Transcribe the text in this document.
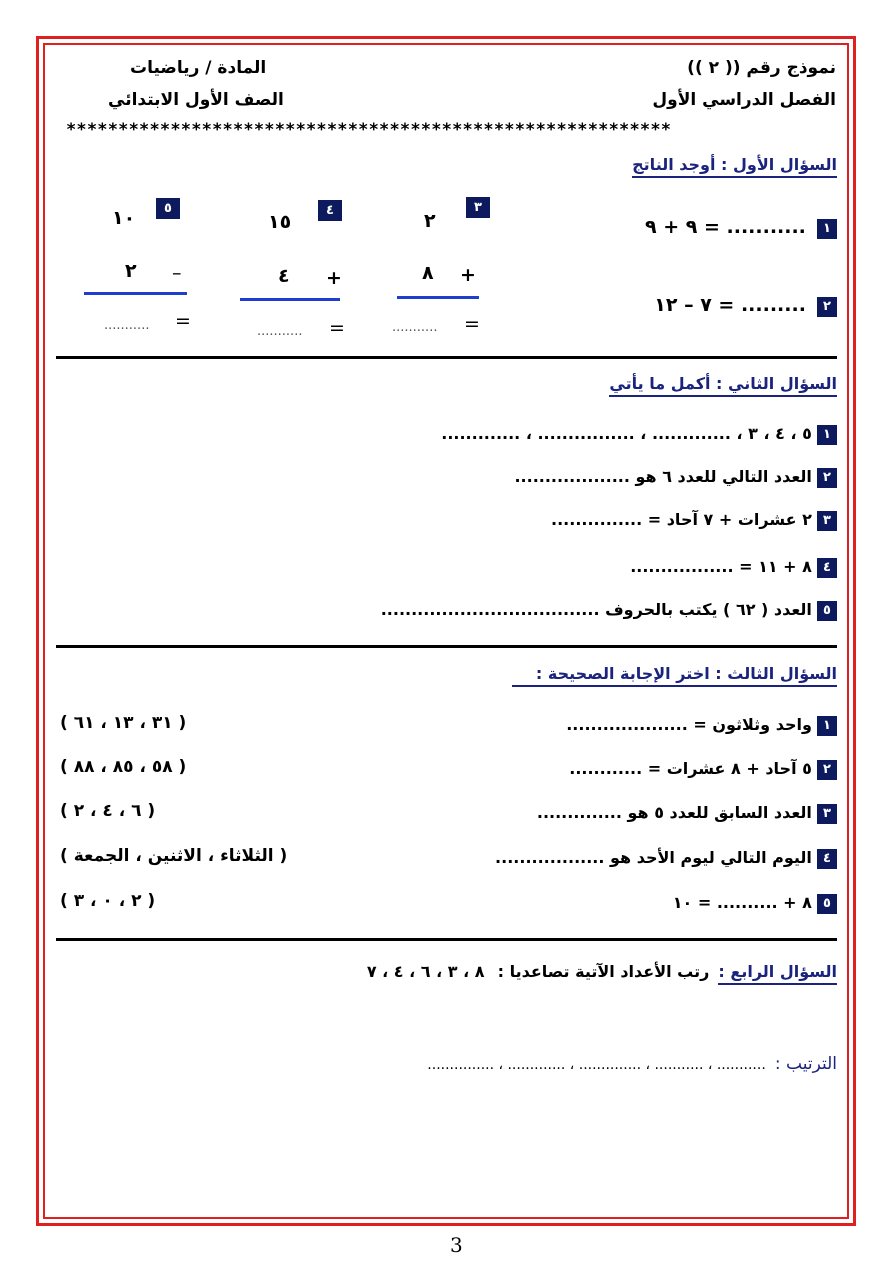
نموذج رقم (( ٢ ))
الفصل الدراسي الأول
المادة / رياضيات
الصف الأول الابتدائي
**********************************************************
السؤال الأول : أوجد الناتج
١ ........... = ٩ + ٩
٢ ......... = ٧ – ١٢
٣
٢
٨ +
........... =
٤
١٥
٤ +
........... =
٥
١٠
٢ –
........... =
السؤال الثاني : أكمل ما يأتي
١ ٥ ، ٤ ، ٣ ، ............. ، ................ ، .............
٢ العدد التالي للعدد ٦ هو ...................
٣ ٢ عشرات + ٧ آحاد = ...............
٤ ٨ + ١١ = .................
٥ العدد ( ٦٢ ) يكتب بالحروف ....................................
السؤال الثالث : اختر الإجابة الصحيحة :
١ واحد وثلاثون = ....................
( ٣١ ، ١٣ ، ٦١ )
٢ ٥ آحاد + ٨ عشرات = ............
( ٥٨ ، ٨٥ ، ٨٨ )
٣ العدد السابق للعدد ٥ هو ..............
( ٦ ، ٤ ، ٢ )
٤ اليوم التالي ليوم الأحد هو ..................
( الثلاثاء ، الاثنين ، الجمعة )
٥ ٨ + .......... = ١٠
( ٢ ، ٠ ، ٣ )
السؤال الرابع : رتب الأعداد الآتية تصاعديا : ٨ ، ٣ ، ٦ ، ٤ ، ٧
الترتيب : ........... ، ........... ، .............. ، ............. ، ...............
3
